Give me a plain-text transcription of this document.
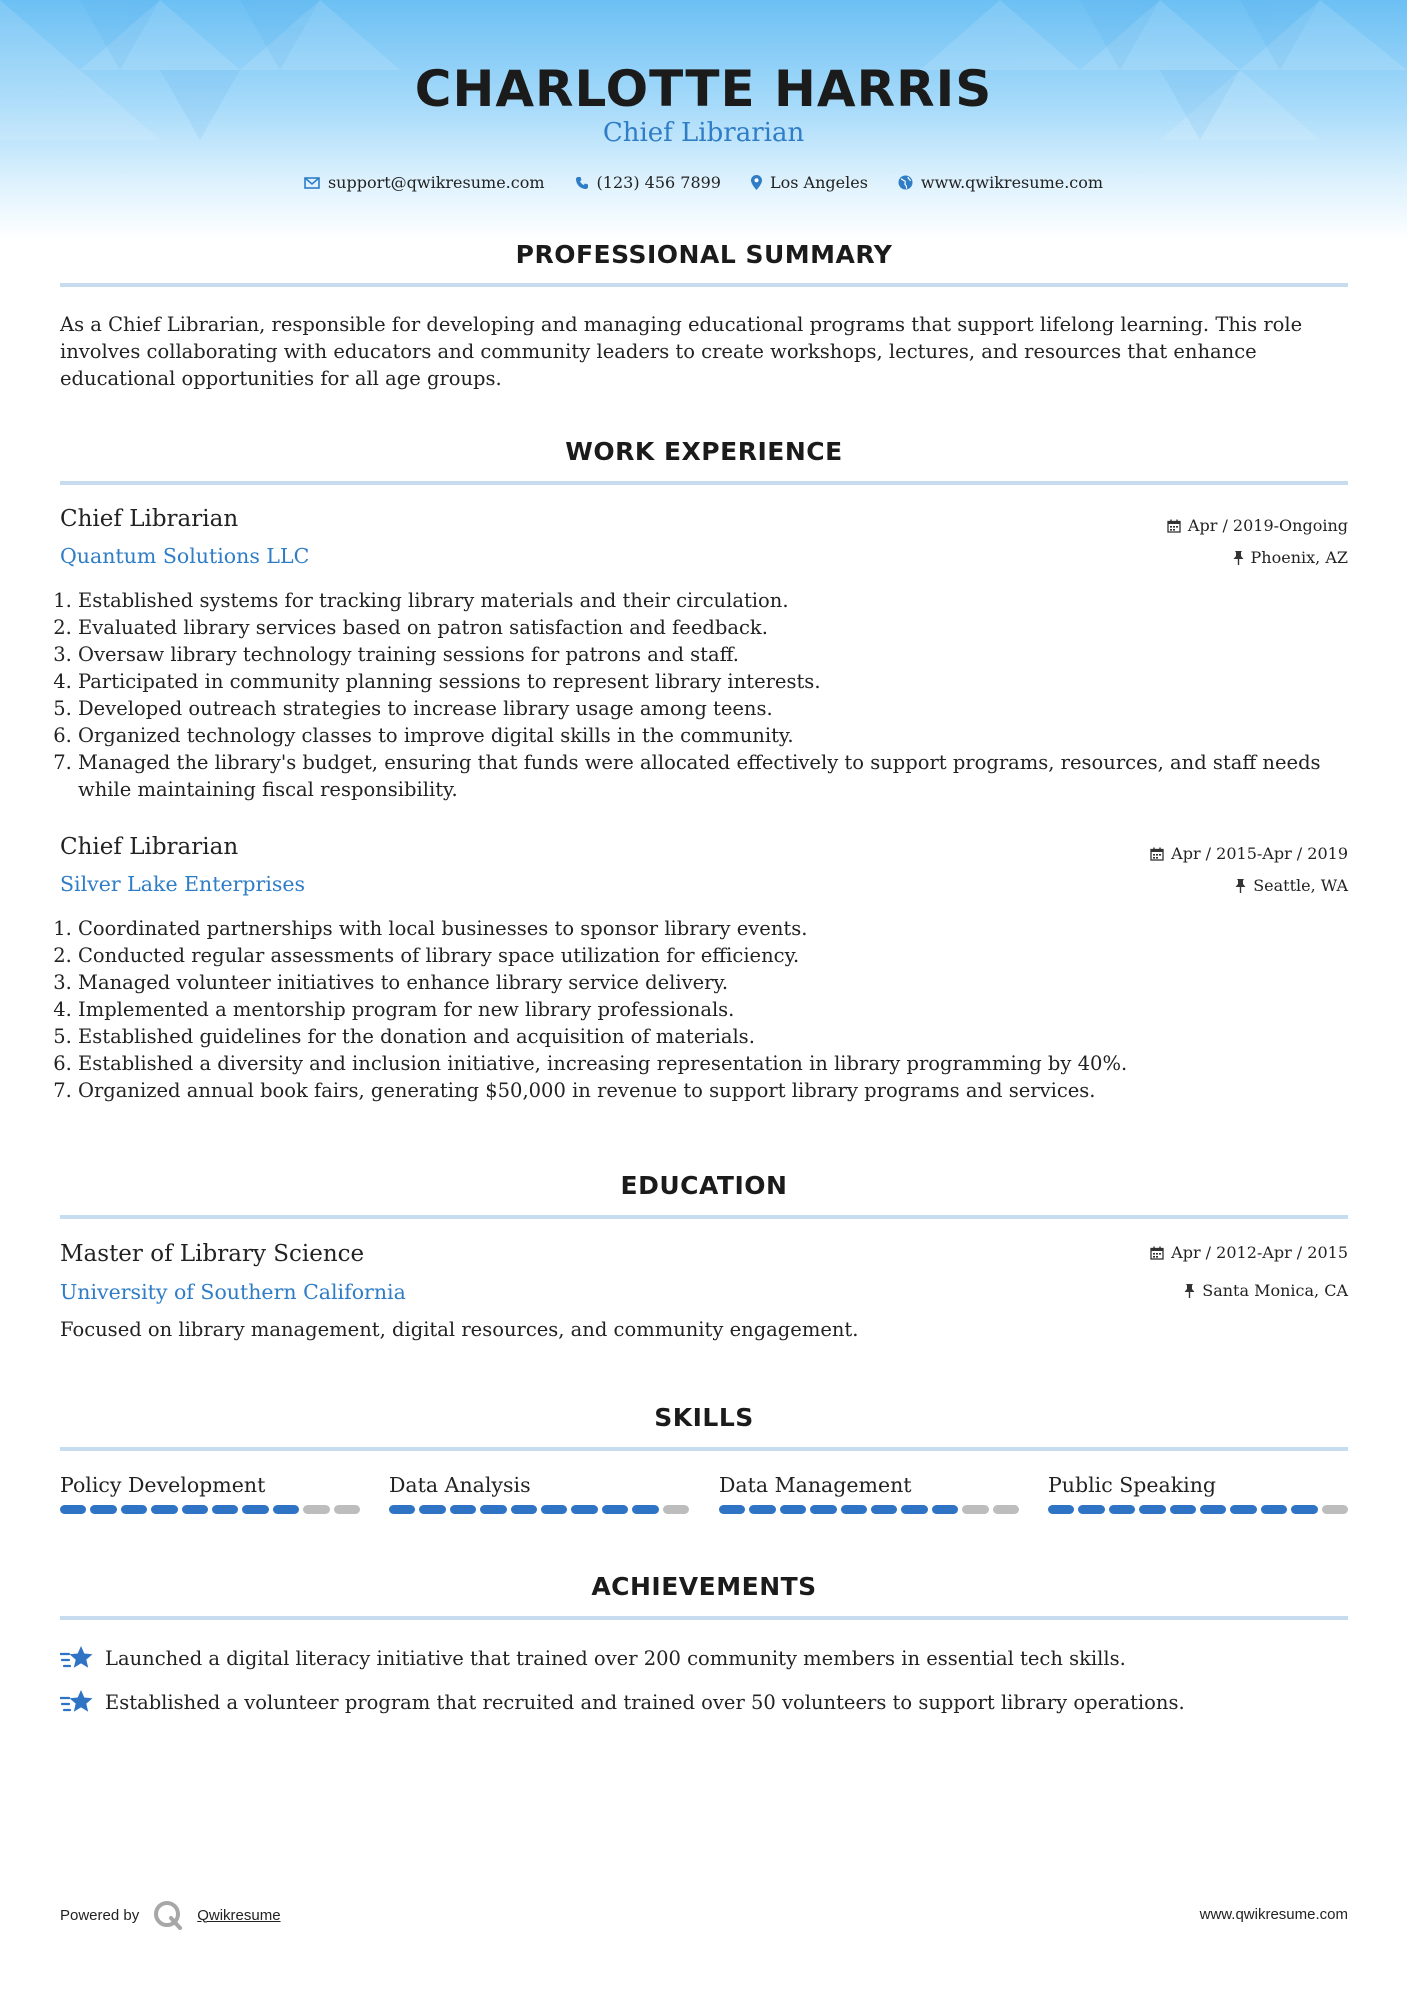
CHARLOTTE HARRIS
Chief Librarian
support@qwikresume.com	(123) 456 7899	Los Angeles	www.qwikresume.com
PROFESSIONAL SUMMARY
As a Chief Librarian, responsible for developing and managing educational programs that support lifelong learning. This role involves collaborating with educators and community leaders to create workshops, lectures, and resources that enhance educational opportunities for all age groups.
WORK EXPERIENCE
Chief Librarian	Apr / 2019-Ongoing
Quantum Solutions LLC	Phoenix, AZ
1. Established systems for tracking library materials and their circulation.
2. Evaluated library services based on patron satisfaction and feedback.
3. Oversaw library technology training sessions for patrons and staff.
4. Participated in community planning sessions to represent library interests.
5. Developed outreach strategies to increase library usage among teens.
6. Organized technology classes to improve digital skills in the community.
7. Managed the library's budget, ensuring that funds were allocated effectively to support programs, resources, and staff needs while maintaining fiscal responsibility.
Chief Librarian	Apr / 2015-Apr / 2019
Silver Lake Enterprises	Seattle, WA
1. Coordinated partnerships with local businesses to sponsor library events.
2. Conducted regular assessments of library space utilization for efficiency.
3. Managed volunteer initiatives to enhance library service delivery.
4. Implemented a mentorship program for new library professionals.
5. Established guidelines for the donation and acquisition of materials.
6. Established a diversity and inclusion initiative, increasing representation in library programming by 40%.
7. Organized annual book fairs, generating $50,000 in revenue to support library programs and services.
EDUCATION
Master of Library Science	Apr / 2012-Apr / 2015
University of Southern California	Santa Monica, CA
Focused on library management, digital resources, and community engagement.
SKILLS
Policy Development	Data Analysis	Data Management	Public Speaking
ACHIEVEMENTS
Launched a digital literacy initiative that trained over 200 community members in essential tech skills.
Established a volunteer program that recruited and trained over 50 volunteers to support library operations.
Powered by	Qwikresume	www.qwikresume.com
